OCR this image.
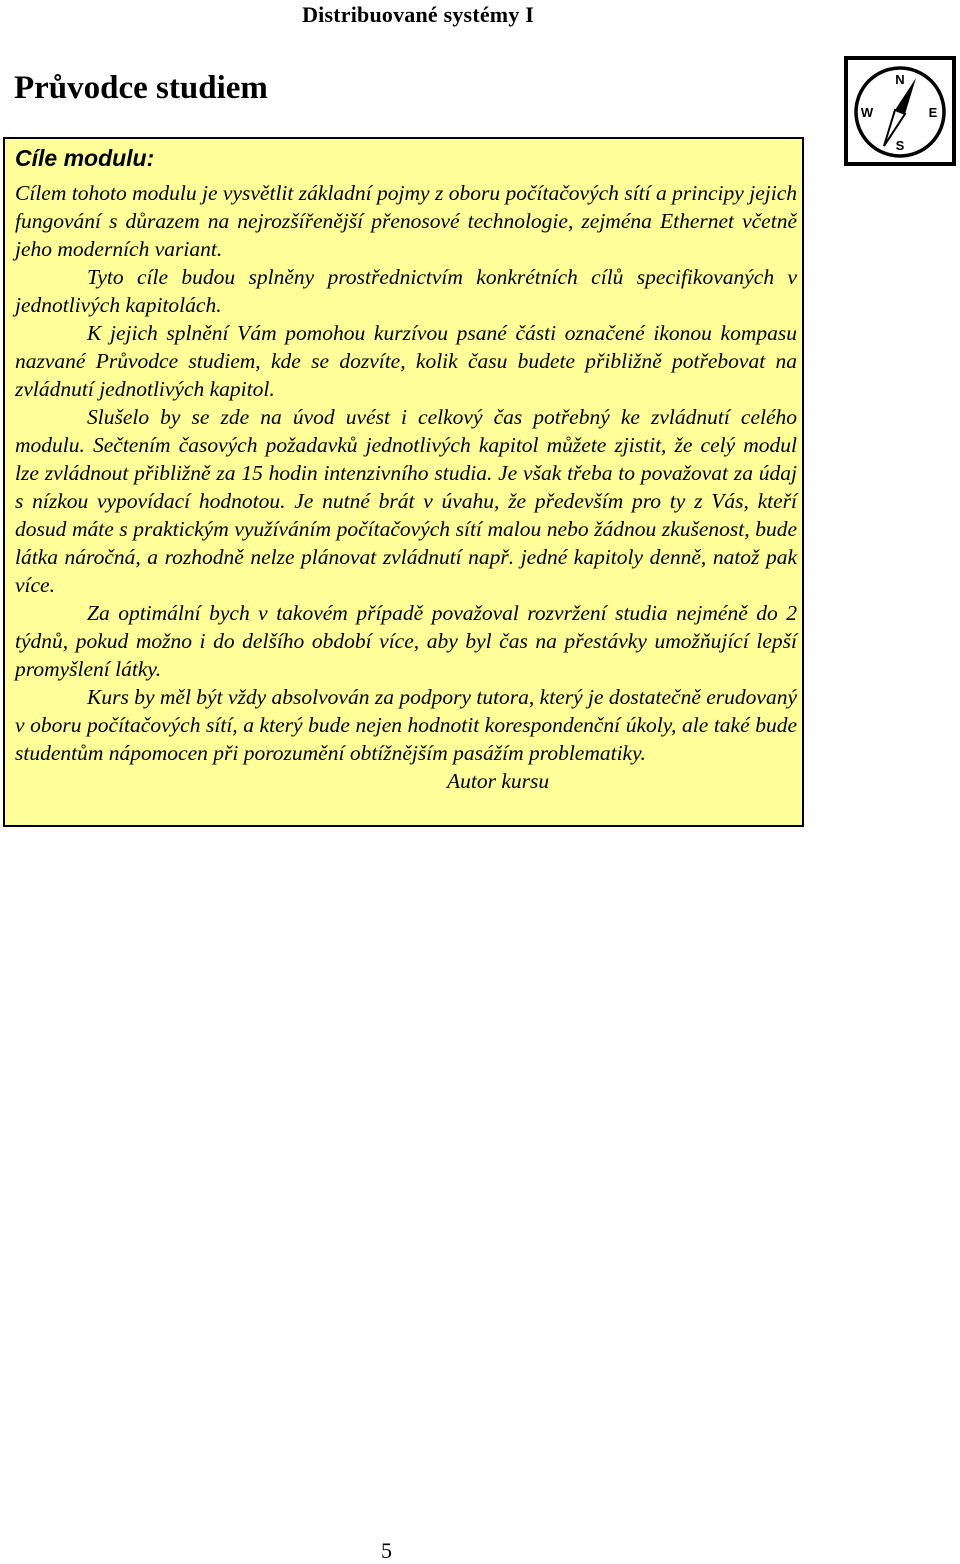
Distribuované systémy I
Průvodce studiem	N
S
W	E
Cíle modulu:

Cílem tohoto modulu je vysvětlit základní pojmy z oboru počítačových sítí a principy jejich fungování s důrazem na nejrozšířenější přenosové technologie, zejména Ethernet včetně jeho moderních variant.

Tyto cíle budou splněny prostřednictvím konkrétních cílů specifikovaných v jednotlivých kapitolách.

K jejich splnění Vám pomohou kurzívou psané části označené ikonou kompasu nazvané Průvodce studiem, kde se dozvíte, kolik času budete přibližně potřebovat na zvládnutí jednotlivých kapitol.

Slušelo by se zde na úvod uvést i celkový čas potřebný ke zvládnutí celého modulu. Sečtením časových požadavků jednotlivých kapitol můžete zjistit, že celý modul lze zvládnout přibližně za 15 hodin intenzivního studia. Je však třeba to považovat za údaj s nízkou vypovídací hodnotou. Je nutné brát v úvahu, že především pro ty z Vás, kteří dosud máte s praktickým využíváním počítačových sítí malou nebo žádnou zkušenost, bude látka náročná, a rozhodně nelze plánovat zvládnutí např. jedné kapitoly denně, natož pak více.

Za optimální bych v takovém případě považoval rozvržení studia nejméně do 2 týdnů, pokud možno i do delšího období více, aby byl čas na přestávky umožňující lepší promyšlení látky.

Kurs by měl být vždy absolvován za podpory tutora, který je dostatečně erudovaný v oboru počítačových sítí, a který bude nejen hodnotit korespondenční úkoly, ale také bude studentům nápomocen při porozumění obtížnějším pasážím problematiky.

Autor kursu

5
